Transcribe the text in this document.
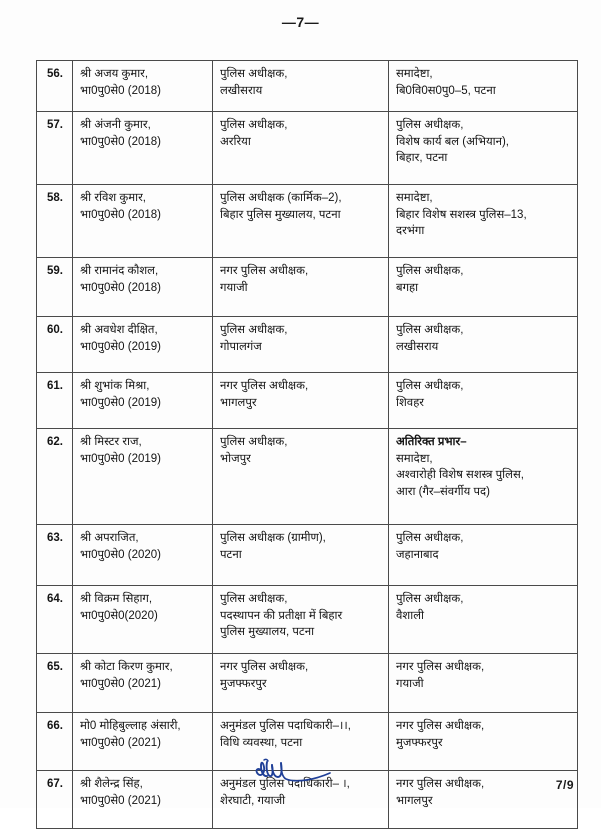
—7—
56.	श्री अजय कुमार,
भा0पु0से0 (2018)	पुलिस अधीक्षक,
लखीसराय	समादेष्टा,
बि0वि0स0पु0–5, पटना

57.	श्री अंजनी कुमार,
भा0पु0से0 (2018)	पुलिस अधीक्षक,
अररिया	पुलिस अधीक्षक,
विशेष कार्य बल (अभियान),
बिहार, पटना

58.	श्री रविश कुमार,
भा0पु0से0 (2018)	पुलिस अधीक्षक (कार्मिक–2),
बिहार पुलिस मुख्यालय, पटना	समादेष्टा,
बिहार विशेष सशस्त्र पुलिस–13,
दरभंगा

59.	श्री रामानंद कौशल,
भा0पु0से0 (2018)	नगर पुलिस अधीक्षक,
गयाजी	पुलिस अधीक्षक,
बगहा

60.	श्री अवधेश दीक्षित,
भा0पु0से0 (2019)	पुलिस अधीक्षक,
गोपालगंज	पुलिस अधीक्षक,
लखीसराय

61.	श्री शुभांक मिश्रा,
भा0पु0से0 (2019)	नगर पुलिस अधीक्षक,
भागलपुर	पुलिस अधीक्षक,
शिवहर

62.	श्री मिस्टर राज,
भा0पु0से0 (2019)	पुलिस अधीक्षक,
भोजपुर	अतिरिक्त प्रभार–
समादेष्टा,
अश्वारोही विशेष सशस्त्र पुलिस,
आरा (गैर–संवर्गीय पद)

63.	श्री अपराजित,
भा0पु0से0 (2020)	पुलिस अधीक्षक (ग्रामीण),
पटना	पुलिस अधीक्षक,
जहानाबाद

64.	श्री विक्रम सिहाग,
भा0पु0से0(2020)	पुलिस अधीक्षक,
पदस्थापन की प्रतीक्षा में बिहार
पुलिस मुख्यालय, पटना	पुलिस अधीक्षक,
वैशाली

65.	श्री कोटा किरण कुमार,
भा0पु0से0 (2021)	नगर पुलिस अधीक्षक,
मुजफ्फरपुर	नगर पुलिस अधीक्षक,
गयाजी

66.	मो0 मोहिबुल्लाह अंसारी,
भा0पु0से0 (2021)	अनुमंडल पुलिस पदाधिकारी–।।,
विधि व्यवस्था, पटना	नगर पुलिस अधीक्षक,
मुजफ्फरपुर

67.	श्री शैलेन्द्र सिंह,
भा0पु0से0 (2021)	अनुमंडल पुलिस पदाधिकारी– ।,
शेरघाटी, गयाजी	नगर पुलिस अधीक्षक,
भागलपुर
7/9
